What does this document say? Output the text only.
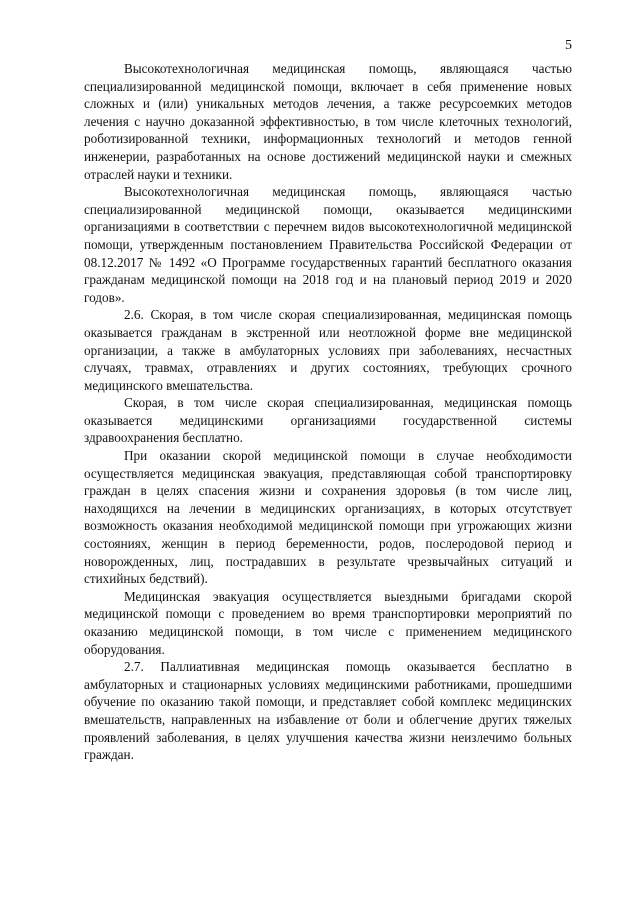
5

Высокотехнологичная медицинская помощь, являющаяся частью специализированной медицинской помощи, включает в себя применение новых сложных и (или) уникальных методов лечения, а также ресурсоемких методов лечения с научно доказанной эффективностью, в том числе клеточных технологий, роботизированной техники, информационных технологий и методов генной инженерии, разработанных на основе достижений медицинской науки и смежных отраслей науки и техники.

Высокотехнологичная медицинская помощь, являющаяся частью специализированной медицинской помощи, оказывается медицинскими организациями в соответствии с перечнем видов высокотехнологичной медицинской помощи, утвержденным постановлением Правительства Российской Федерации от 08.12.2017 № 1492 «О Программе государственных гарантий бесплатного оказания гражданам медицинской помощи на 2018 год и на плановый период 2019 и 2020 годов».

2.6. Скорая, в том числе скорая специализированная, медицинская помощь оказывается гражданам в экстренной или неотложной форме вне медицинской организации, а также в амбулаторных условиях при заболеваниях, несчастных случаях, травмах, отравлениях и других состояниях, требующих срочного медицинского вмешательства.

Скорая, в том числе скорая специализированная, медицинская помощь оказывается медицинскими организациями государственной системы здравоохранения бесплатно.

При оказании скорой медицинской помощи в случае необходимости осуществляется медицинская эвакуация, представляющая собой транспортировку граждан в целях спасения жизни и сохранения здоровья (в том числе лиц, находящихся на лечении в медицинских организациях, в которых отсутствует возможность оказания необходимой медицинской помощи при угрожающих жизни состояниях, женщин в период беременности, родов, послеродовой период и новорожденных, лиц, пострадавших в результате чрезвычайных ситуаций и стихийных бедствий).

Медицинская эвакуация осуществляется выездными бригадами скорой медицинской помощи с проведением во время транспортировки мероприятий по оказанию медицинской помощи, в том числе с применением медицинского оборудования.

2.7. Паллиативная медицинская помощь оказывается бесплатно в амбулаторных и стационарных условиях медицинскими работниками, прошедшими обучение по оказанию такой помощи, и представляет собой комплекс медицинских вмешательств, направленных на избавление от боли и облегчение других тяжелых проявлений заболевания, в целях улучшения качества жизни неизлечимо больных граждан.
